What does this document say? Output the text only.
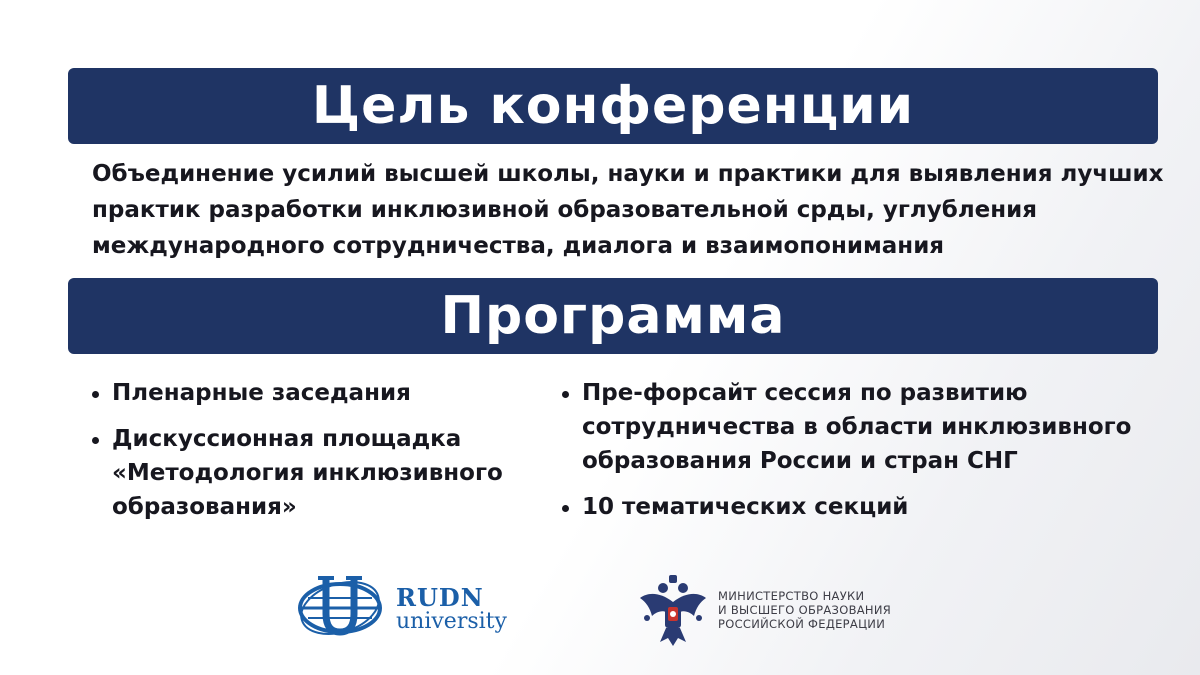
Цель конференции
Объединение усилий высшей школы, науки и практики для выявления лучших
практик разработки инклюзивной образовательной срды, углубления
международного сотрудничества, диалога и взаимопонимания
Программа
Пленарные заседания
Дискуссионная площадка «Методология инклюзивного образования»
Пре-форсайт сессия по развитию сотрудничества в области инклюзивного образования России и стран СНГ
10 тематических секций
RUDN
university
МИНИСТЕРСТВО НАУКИ
И ВЫСШЕГО ОБРАЗОВАНИЯ
РОССИЙСКОЙ ФЕДЕРАЦИИ
